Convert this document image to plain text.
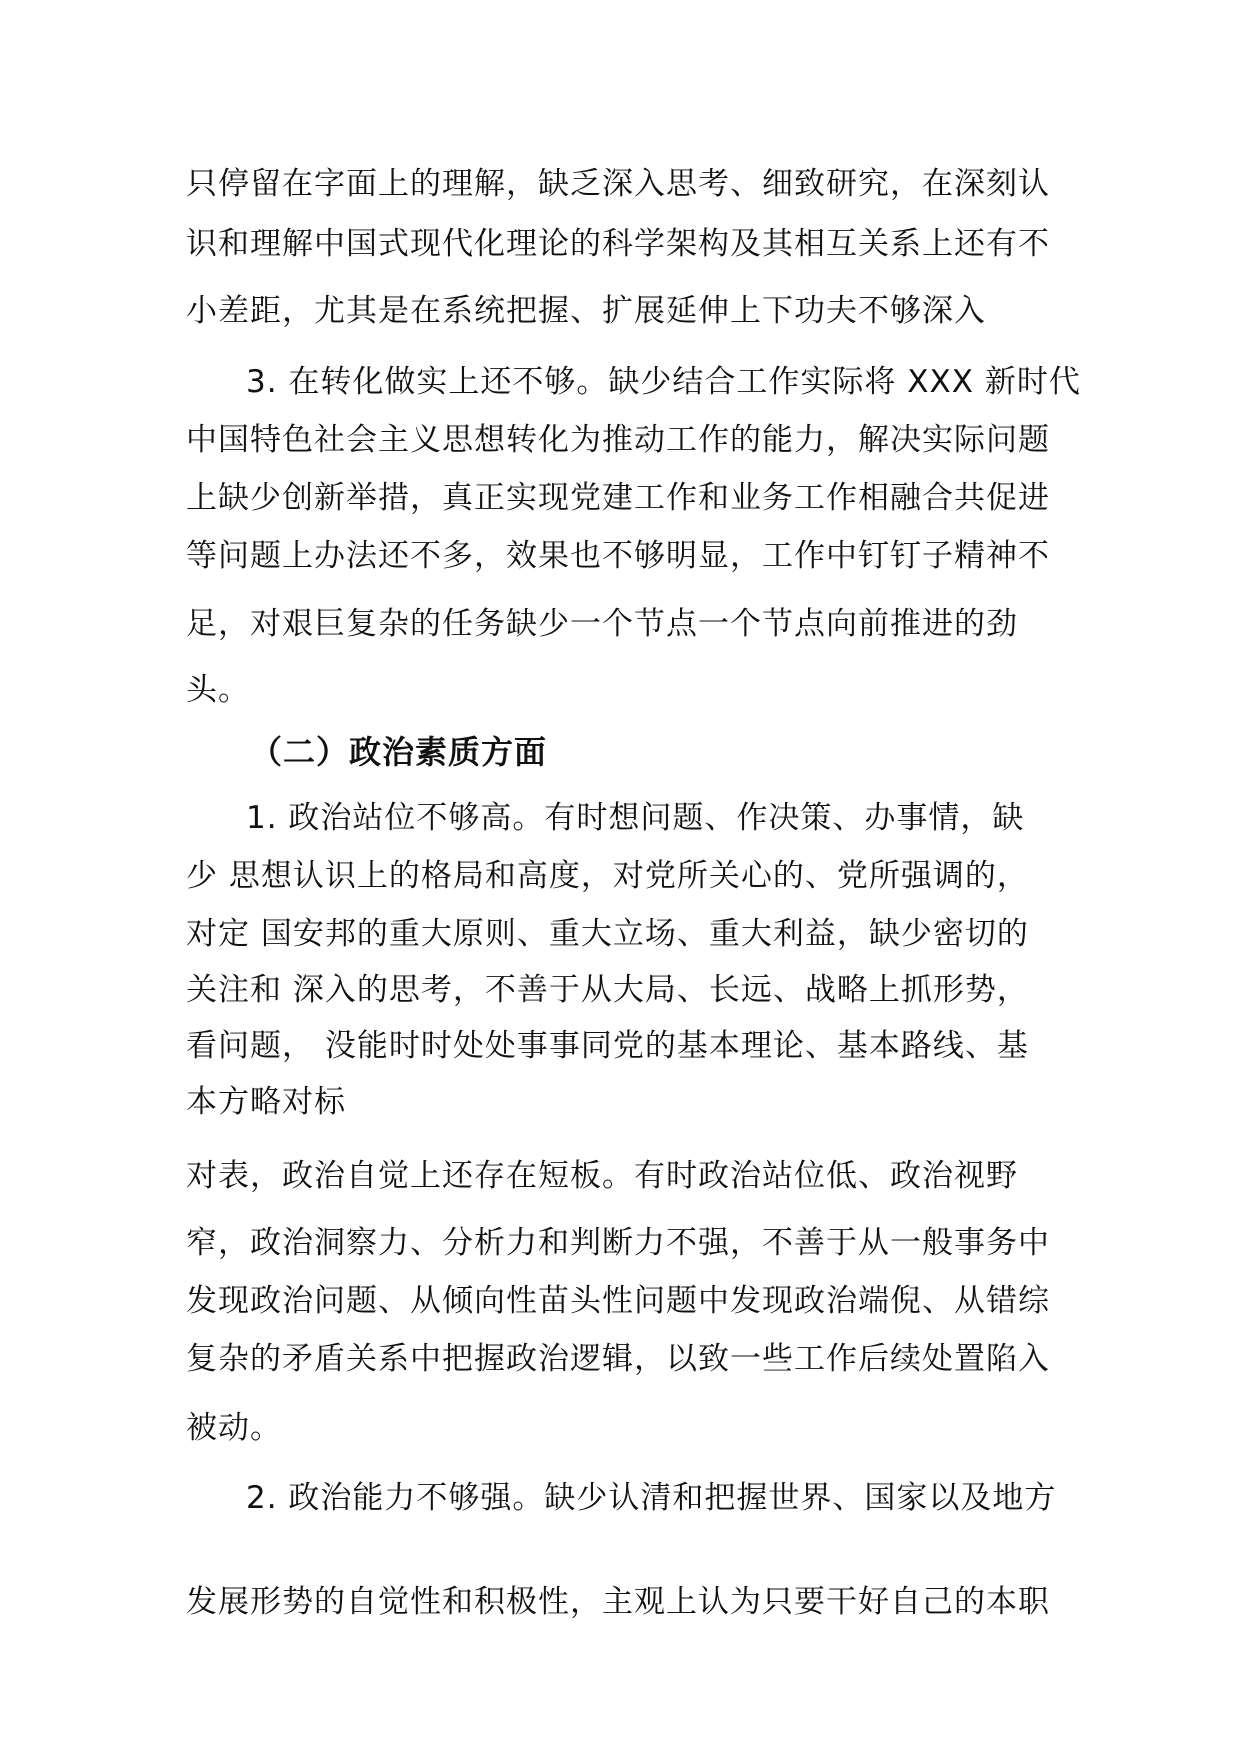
只停留在字面上的理解，缺乏深入思考、细致研究，在深刻认
识和理解中国式现代化理论的科学架构及其相互关系上还有不
小差距，尤其是在系统把握、扩展延伸上下功夫不够深入
3. 在转化做实上还不够。缺少结合工作实际将 XXX 新时代
中国特色社会主义思想转化为推动工作的能力，解决实际问题
上缺少创新举措，真正实现党建工作和业务工作相融合共促进
等问题上办法还不多，效果也不够明显，工作中钉钉子精神不
足，对艰巨复杂的任务缺少一个节点一个节点向前推进的劲
头。
（二）政治素质方面
1. 政治站位不够高。有时想问题、作决策、办事情，缺
少 思想认识上的格局和高度，对党所关心的、党所强调的，
对定 国安邦的重大原则、重大立场、重大利益，缺少密切的
关注和 深入的思考，不善于从大局、长远、战略上抓形势，
看问题， 没能时时处处事事同党的基本理论、基本路线、基
本方略对标
对表，政治自觉上还存在短板。有时政治站位低、政治视野
窄，政治洞察力、分析力和判断力不强，不善于从一般事务中
发现政治问题、从倾向性苗头性问题中发现政治端倪、从错综
复杂的矛盾关系中把握政治逻辑，以致一些工作后续处置陷入
被动。
2. 政治能力不够强。缺少认清和把握世界、国家以及地方
发展形势的自觉性和积极性，主观上认为只要干好自己的本职
